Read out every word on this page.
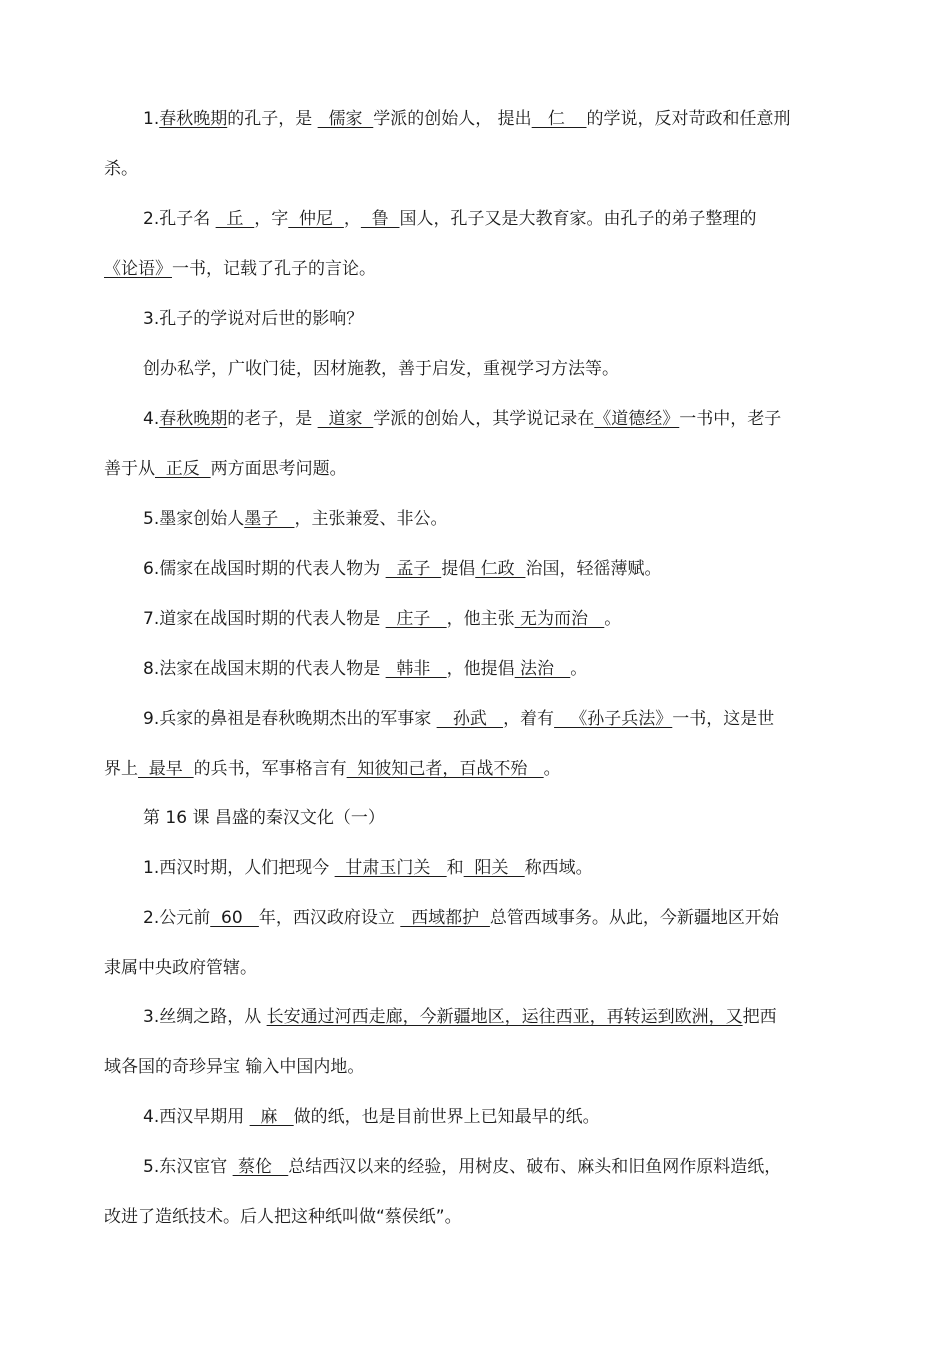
1.春秋晚期的孔子，是   儒家  学派的创始人， 提出   仁    的学说，反对苛政和任意刑
杀。
2.孔子名   丘  ，字  仲尼  ，  鲁  国人，孔子又是大教育家。由孔子的弟子整理的
《论语》一书，记载了孔子的言论。
3.孔子的学说对后世的影响？
创办私学，广收门徒，因材施教，善于启发，重视学习方法等。
4.春秋晚期的老子，是   道家  学派的创始人，其学说记录在《道德经》一书中，老子
善于从  正反  两方面思考问题。
5.墨家创始人墨子   ，主张兼爱、非公。
6.儒家在战国时期的代表人物为   孟子  提倡 仁政  治国，轻徭薄赋。
7.道家在战国时期的代表人物是   庄子   ，他主张 无为而治   。
8.法家在战国末期的代表人物是   韩非   ，他提倡 法治   。
9.兵家的鼻祖是春秋晚期杰出的军事家    孙武   ，着有   《孙子兵法》一书，这是世
界上  最早  的兵书，军事格言有  知彼知己者，百战不殆   。
第 16 课 昌盛的秦汉文化（一）
1.西汉时期，人们把现今   甘肃玉门关   和  阳关   称西域。
2.公元前  60   年，西汉政府设立   西域都护  总管西域事务。从此，今新疆地区开始
隶属中央政府管辖。
3.丝绸之路，从 长安通过河西走廊，今新疆地区，运往西亚，再转运到欧洲，又把西
域各国的奇珍异宝 输入中国内地。
4.西汉早期用   麻   做的纸，也是目前世界上已知最早的纸。
5.东汉宦官  蔡伦   总结西汉以来的经验，用树皮、破布、麻头和旧鱼网作原料造纸，
改进了造纸技术。后人把这种纸叫做“蔡侯纸”。
